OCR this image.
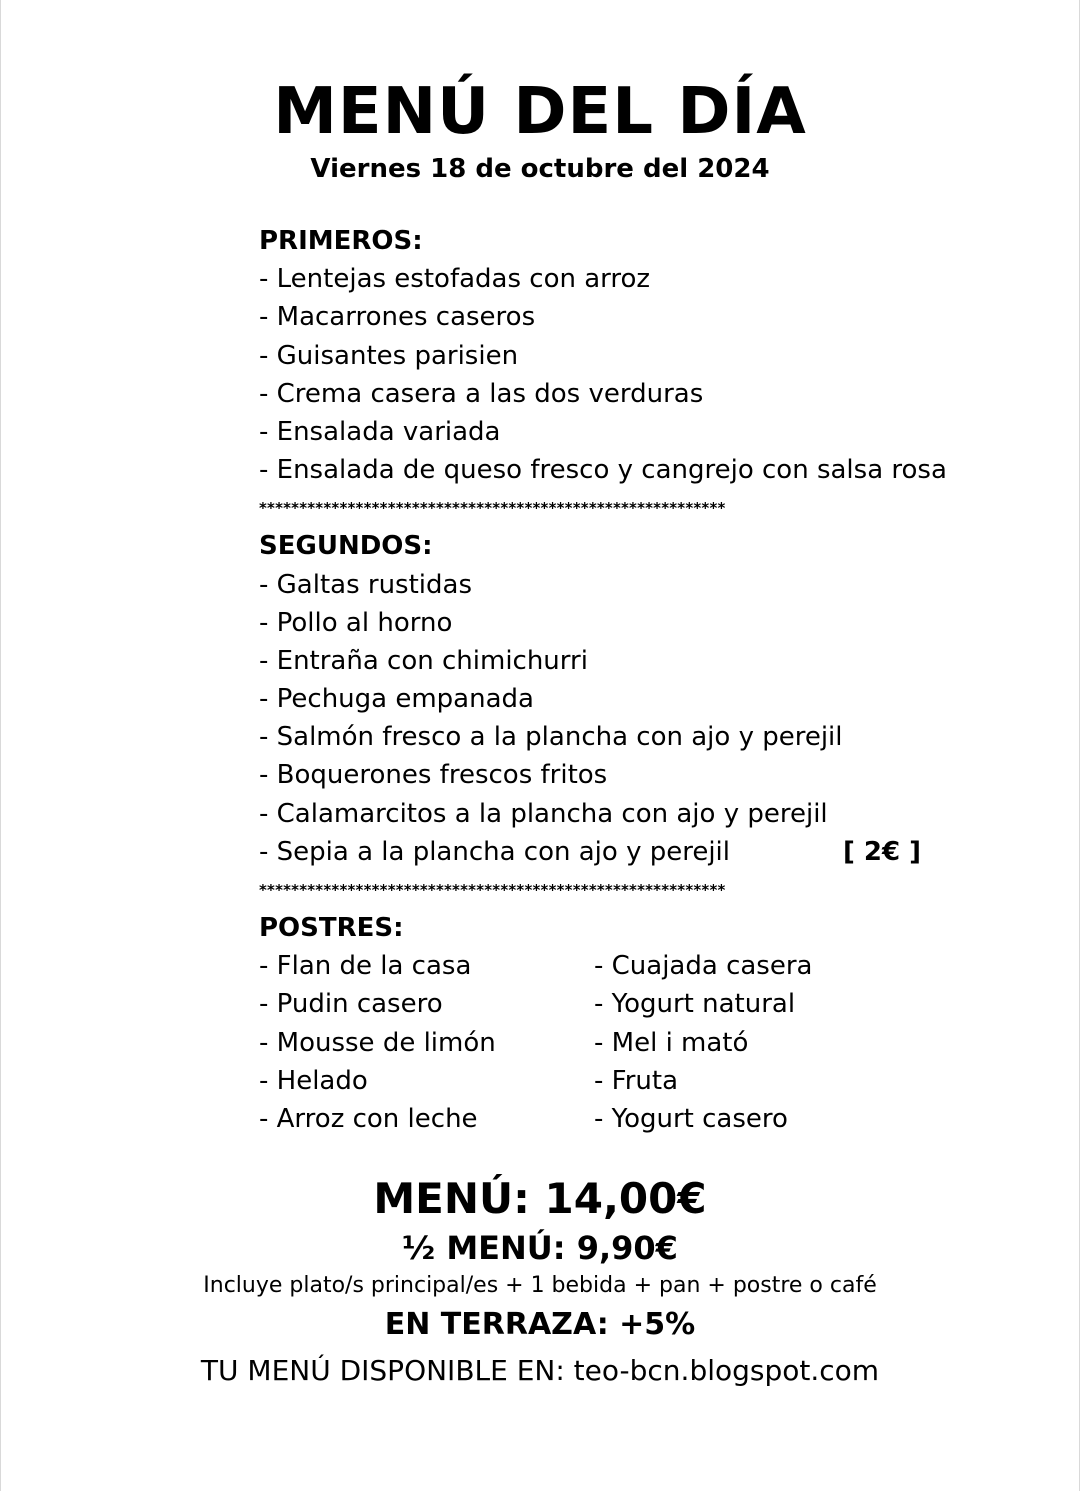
MENÚ DEL DÍA
Viernes 18 de octubre del 2024
PRIMEROS:
- Lentejas estofadas con arroz
- Macarrones caseros
- Guisantes parisien
- Crema casera a las dos verduras
- Ensalada variada
- Ensalada de queso fresco y cangrejo con salsa rosa
**********************************************************
SEGUNDOS:
- Galtas rustidas
- Pollo al horno
- Entraña con chimichurri
- Pechuga empanada
- Salmón fresco a la plancha con ajo y perejil
- Boquerones frescos fritos
- Calamarcitos a la plancha con ajo y perejil
- Sepia a la plancha con ajo y perejil	[ 2€ ]
**********************************************************
POSTRES:
- Flan de la casa	- Cuajada casera
- Pudin casero	- Yogurt natural
- Mousse de limón	- Mel i mató
- Helado	- Fruta
- Arroz con leche	- Yogurt casero
MENÚ: 14,00€
½ MENÚ: 9,90€
Incluye plato/s principal/es + 1 bebida + pan + postre o café
EN TERRAZA: +5%
TU MENÚ DISPONIBLE EN: teo-bcn.blogspot.com
